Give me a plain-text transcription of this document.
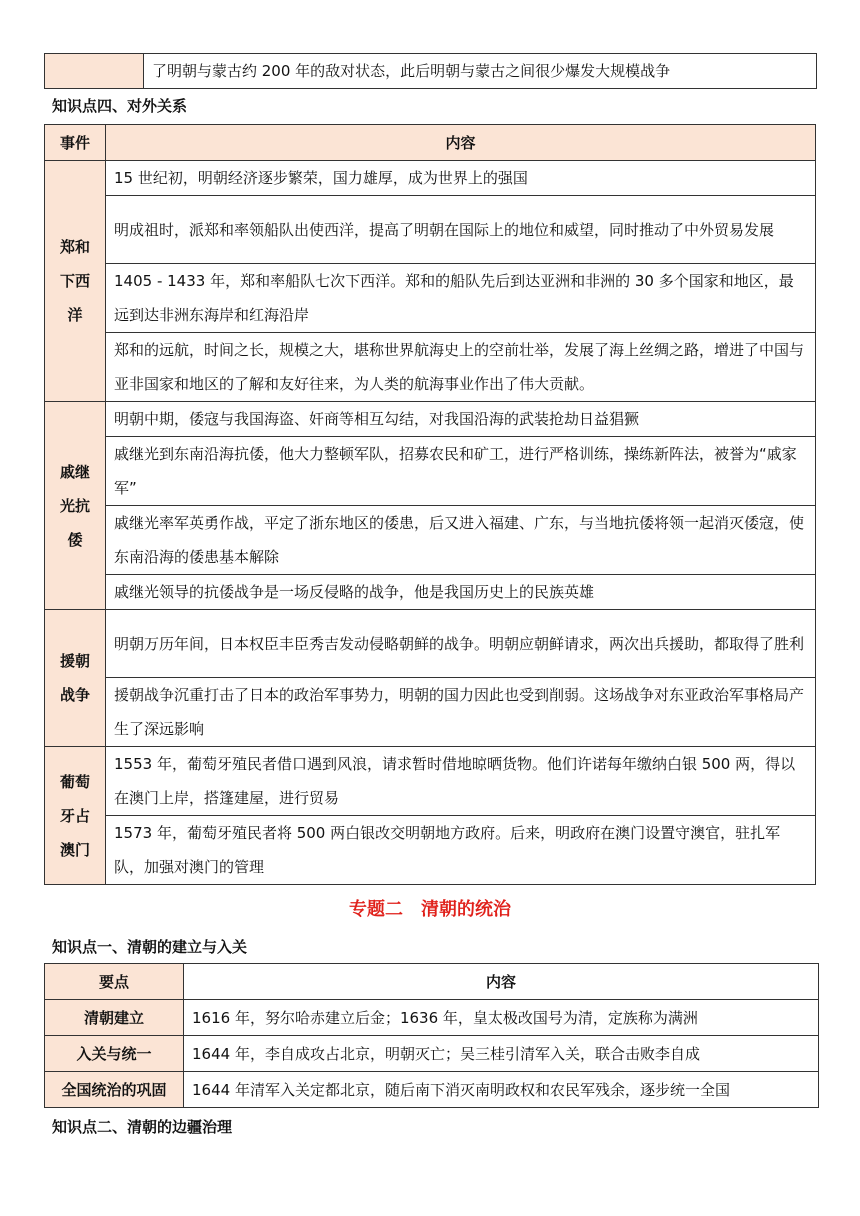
	了明朝与蒙古约 200 年的敌对状态，此后明朝与蒙古之间很少爆发大规模战争
知识点四、对外关系
事件	内容

郑和下西洋	15 世纪初，明朝经济逐步繁荣，国力雄厚，成为世界上的强国
	明成祖时，派郑和率领船队出使西洋，提高了明朝在国际上的地位和威望，同时推动了中外贸易发展
	1405 - 1433 年，郑和率船队七次下西洋。郑和的船队先后到达亚洲和非洲的 30 多个国家和地区，最远到达非洲东海岸和红海沿岸
	郑和的远航，时间之长，规模之大，堪称世界航海史上的空前壮举，发展了海上丝绸之路，增进了中国与亚非国家和地区的了解和友好往来，为人类的航海事业作出了伟大贡献。

戚继光抗倭	明朝中期，倭寇与我国海盗、奸商等相互勾结，对我国沿海的武装抢劫日益猖獗
	戚继光到东南沿海抗倭，他大力整顿军队，招募农民和矿工，进行严格训练，操练新阵法，被誉为“戚家军”
	戚继光率军英勇作战，平定了浙东地区的倭患，后又进入福建、广东，与当地抗倭将领一起消灭倭寇，使东南沿海的倭患基本解除
	戚继光领导的抗倭战争是一场反侵略的战争，他是我国历史上的民族英雄

援朝战争	明朝万历年间，日本权臣丰臣秀吉发动侵略朝鲜的战争。明朝应朝鲜请求，两次出兵援助，都取得了胜利
	援朝战争沉重打击了日本的政治军事势力，明朝的国力因此也受到削弱。这场战争对东亚政治军事格局产生了深远影响

葡萄牙占澳门	1553 年，葡萄牙殖民者借口遇到风浪，请求暂时借地晾晒货物。他们许诺每年缴纳白银 500 两，得以在澳门上岸，搭篷建屋，进行贸易
	1573 年，葡萄牙殖民者将 500 两白银改交明朝地方政府。后来，明政府在澳门设置守澳官，驻扎军队，加强对澳门的管理
专题二　清朝的统治
知识点一、清朝的建立与入关
要点	内容
清朝建立	1616 年，努尔哈赤建立后金；1636 年，皇太极改国号为清，定族称为满洲
入关与统一	1644 年，李自成攻占北京，明朝灭亡；吴三桂引清军入关，联合击败李自成
全国统治的巩固	1644 年清军入关定都北京，随后南下消灭南明政权和农民军残余，逐步统一全国
知识点二、清朝的边疆治理
